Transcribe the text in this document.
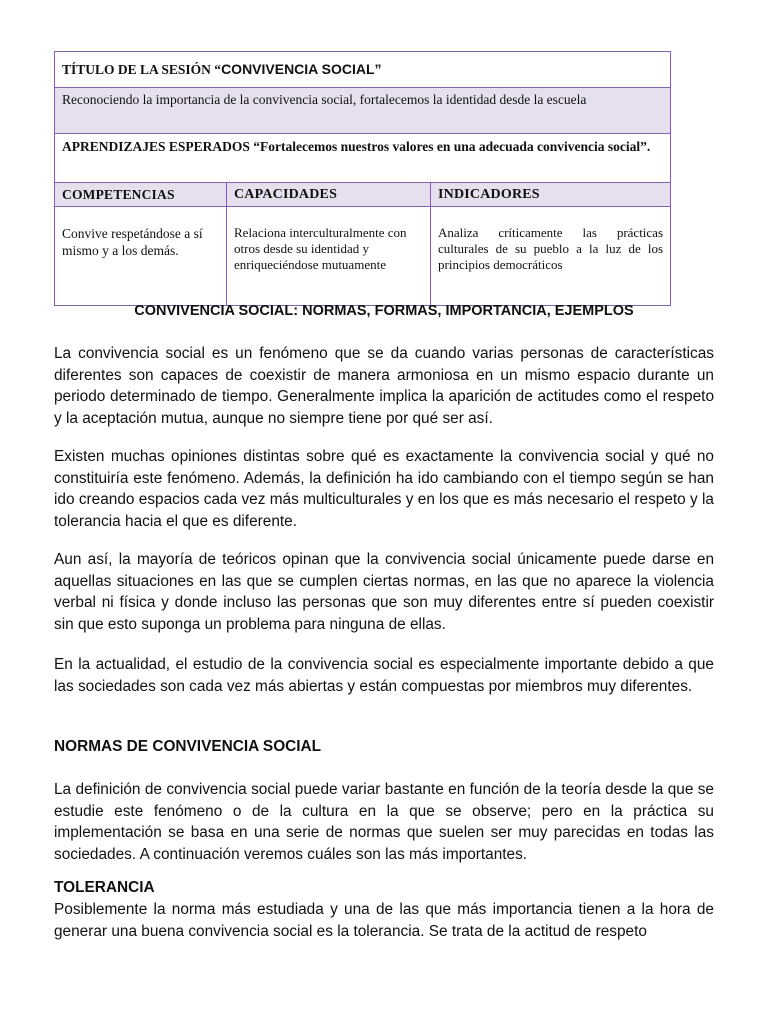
TÍTULO DE LA SESIÓN “CONVIVENCIA SOCIAL”		
Reconociendo la importancia de la convivencia social, fortalecemos la identidad desde la escuela		
APRENDIZAJES ESPERADOS “Fortalecemos nuestros valores en una adecuada convivencia social”.		
COMPETENCIAS	CAPACIDADES	INDICADORES
Convive respetándose a sí mismo y a los demás.	Relaciona interculturalmente con otros desde su identidad y enriqueciéndose mutuamente	Analiza críticamente las prácticas culturales de su pueblo a la luz de los principios democráticos
CONVIVENCIA SOCIAL: NORMAS, FORMAS, IMPORTANCIA, EJEMPLOS

La convivencia social es un fenómeno que se da cuando varias personas de características diferentes son capaces de coexistir de manera armoniosa en un mismo espacio durante un periodo determinado de tiempo. Generalmente implica la aparición de actitudes como el respeto y la aceptación mutua, aunque no siempre tiene por qué ser así.

Existen muchas opiniones distintas sobre qué es exactamente la convivencia social y qué no constituiría este fenómeno. Además, la definición ha ido cambiando con el tiempo según se han ido creando espacios cada vez más multiculturales y en los que es más necesario el respeto y la tolerancia hacia el que es diferente.

Aun así, la mayoría de teóricos opinan que la convivencia social únicamente puede darse en aquellas situaciones en las que se cumplen ciertas normas, en las que no aparece la violencia verbal ni física y donde incluso las personas que son muy diferentes entre sí pueden coexistir sin que esto suponga un problema para ninguna de ellas.

En la actualidad, el estudio de la convivencia social es especialmente importante debido a que las sociedades son cada vez más abiertas y están compuestas por miembros muy diferentes.

NORMAS DE CONVIVENCIA SOCIAL

La definición de convivencia social puede variar bastante en función de la teoría desde la que se estudie este fenómeno o de la cultura en la que se observe; pero en la práctica su implementación se basa en una serie de normas que suelen ser muy parecidas en todas las sociedades. A continuación veremos cuáles son las más importantes.

TOLERANCIA

Posiblemente la norma más estudiada y una de las que más importancia tienen a la hora de generar una buena convivencia social es la tolerancia. Se trata de la actitud de respeto
